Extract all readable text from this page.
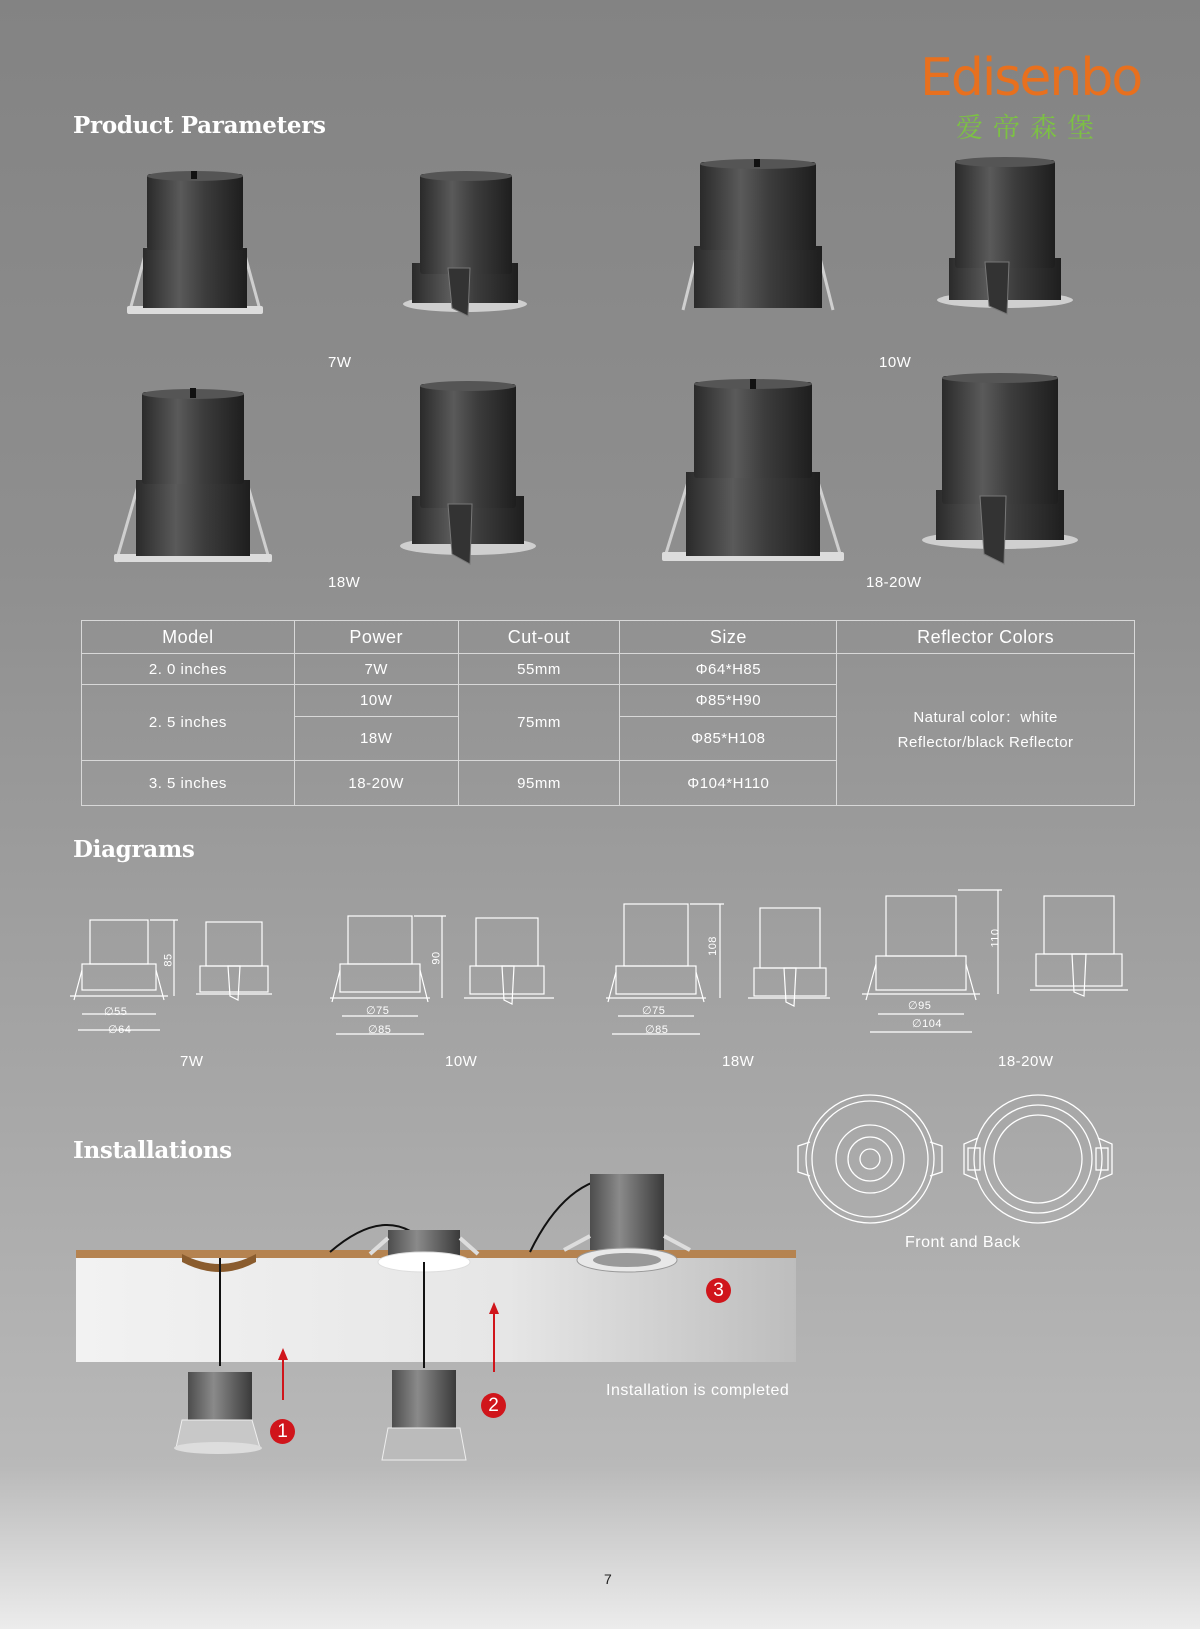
Edisenbo
爱帝森堡
Product Parameters
7W	10W
18W	18-20W
Model	Power	Cut-out	Size	Reflector Colors
2. 0 inches	7W	55mm	Φ64*H85	Natural color：white
Reflector/black Reflector
2. 5 inches	10W	75mm	Φ85*H90	
	18W		Φ85*H108	
3. 5 inches	18-20W	95mm	Φ104*H110	
Diagrams
85
∅55
∅64
7W
90
∅75
∅85
10W
108
∅75
∅85
18W
110
∅95
∅104
18-20W
Installations
Front and Back
1
2
3
Installation is completed
7
